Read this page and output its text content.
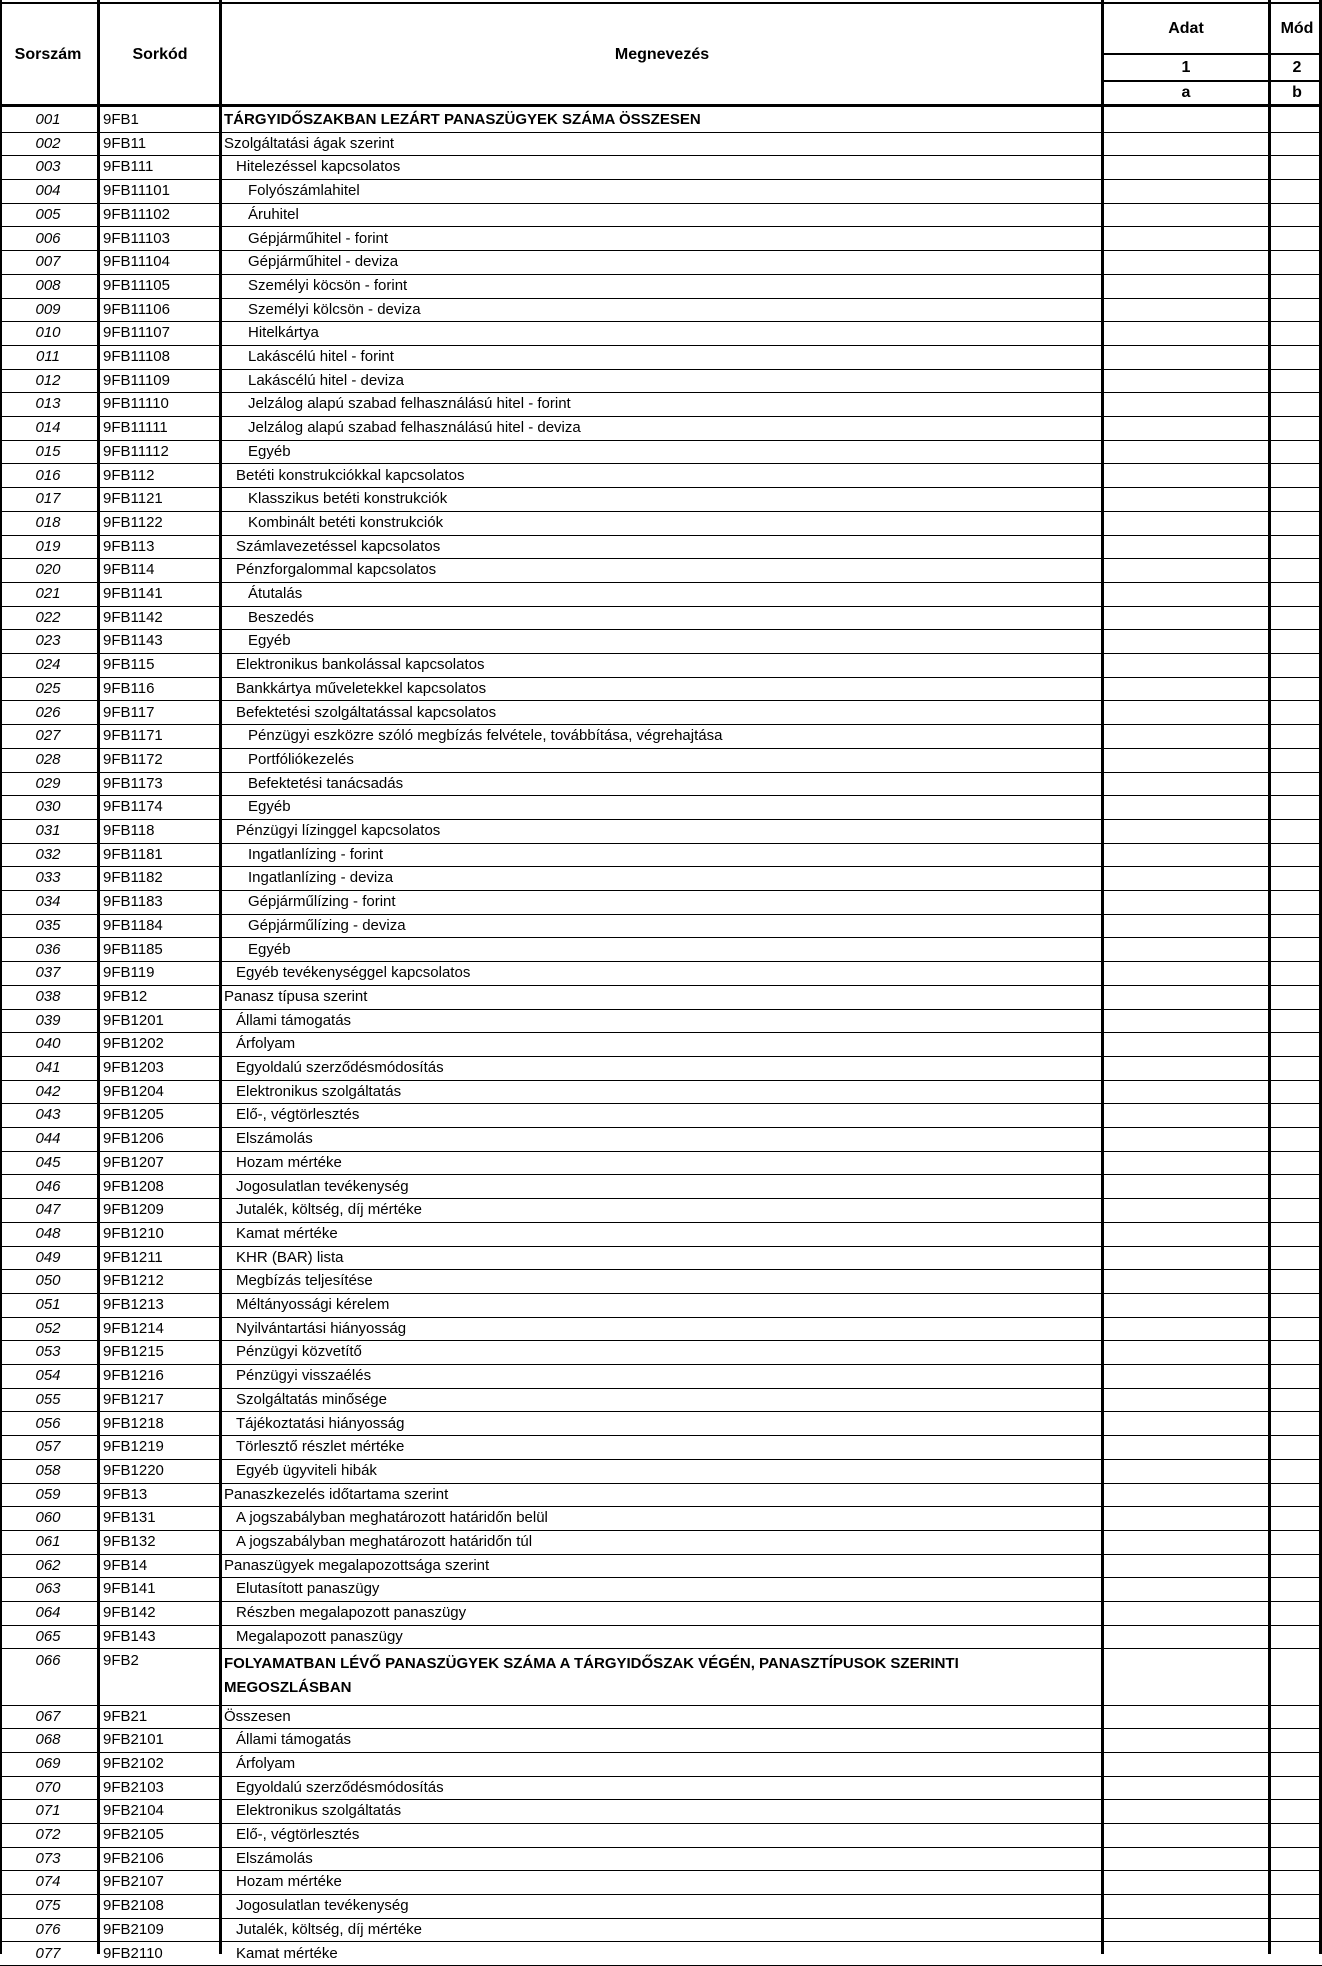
Sorszám	Sorkód	Megnevezés
Adat	Mód
1	2
a	b
001	9FB1	TÁRGYIDŐSZAKBAN LEZÁRT PANASZÜGYEK SZÁMA ÖSSZESEN
002	9FB11	Szolgáltatási ágak szerint
003	9FB111	Hitelezéssel kapcsolatos
004	9FB11101	Folyószámlahitel
005	9FB11102	Áruhitel
006	9FB11103	Gépjárműhitel - forint
007	9FB11104	Gépjárműhitel - deviza
008	9FB11105	Személyi köcsön - forint
009	9FB11106	Személyi kölcsön - deviza
010	9FB11107	Hitelkártya
011	9FB11108	Lakáscélú hitel - forint
012	9FB11109	Lakáscélú hitel - deviza
013	9FB11110	Jelzálog alapú szabad felhasználású hitel - forint
014	9FB11111	Jelzálog alapú szabad felhasználású hitel - deviza
015	9FB11112	Egyéb
016	9FB112	Betéti konstrukciókkal kapcsolatos
017	9FB1121	Klasszikus betéti konstrukciók
018	9FB1122	Kombinált betéti konstrukciók
019	9FB113	Számlavezetéssel kapcsolatos
020	9FB114	Pénzforgalommal kapcsolatos
021	9FB1141	Átutalás
022	9FB1142	Beszedés
023	9FB1143	Egyéb
024	9FB115	Elektronikus bankolással kapcsolatos
025	9FB116	Bankkártya műveletekkel kapcsolatos
026	9FB117	Befektetési szolgáltatással kapcsolatos
027	9FB1171	Pénzügyi eszközre szóló megbízás felvétele, továbbítása, végrehajtása
028	9FB1172	Portfóliókezelés
029	9FB1173	Befektetési tanácsadás
030	9FB1174	Egyéb
031	9FB118	Pénzügyi lízinggel kapcsolatos
032	9FB1181	Ingatlanlízing - forint
033	9FB1182	Ingatlanlízing - deviza
034	9FB1183	Gépjárműlízing - forint
035	9FB1184	Gépjárműlízing - deviza
036	9FB1185	Egyéb
037	9FB119	Egyéb tevékenységgel kapcsolatos
038	9FB12	Panasz típusa szerint
039	9FB1201	Állami támogatás
040	9FB1202	Árfolyam
041	9FB1203	Egyoldalú szerződésmódosítás
042	9FB1204	Elektronikus szolgáltatás
043	9FB1205	Elő-, végtörlesztés
044	9FB1206	Elszámolás
045	9FB1207	Hozam mértéke
046	9FB1208	Jogosulatlan tevékenység
047	9FB1209	Jutalék, költség, díj mértéke
048	9FB1210	Kamat mértéke
049	9FB1211	KHR (BAR) lista
050	9FB1212	Megbízás teljesítése
051	9FB1213	Méltányossági kérelem
052	9FB1214	Nyilvántartási hiányosság
053	9FB1215	Pénzügyi közvetítő
054	9FB1216	Pénzügyi visszaélés
055	9FB1217	Szolgáltatás minősége
056	9FB1218	Tájékoztatási hiányosság
057	9FB1219	Törlesztő részlet mértéke
058	9FB1220	Egyéb ügyviteli hibák
059	9FB13	Panaszkezelés időtartama szerint
060	9FB131	A jogszabályban meghatározott határidőn belül
061	9FB132	A jogszabályban meghatározott határidőn túl
062	9FB14	Panaszügyek megalapozottsága szerint
063	9FB141	Elutasított panaszügy
064	9FB142	Részben megalapozott panaszügy
065	9FB143	Megalapozott panaszügy
066	9FB2	FOLYAMATBAN LÉVŐ PANASZÜGYEK SZÁMA A TÁRGYIDŐSZAK VÉGÉN, PANASZTÍPUSOK SZERINTI MEGOSZLÁSBAN
067	9FB21	Összesen
068	9FB2101	Állami támogatás
069	9FB2102	Árfolyam
070	9FB2103	Egyoldalú szerződésmódosítás
071	9FB2104	Elektronikus szolgáltatás
072	9FB2105	Elő-, végtörlesztés
073	9FB2106	Elszámolás
074	9FB2107	Hozam mértéke
075	9FB2108	Jogosulatlan tevékenység
076	9FB2109	Jutalék, költség, díj mértéke
077	9FB2110	Kamat mértéke
